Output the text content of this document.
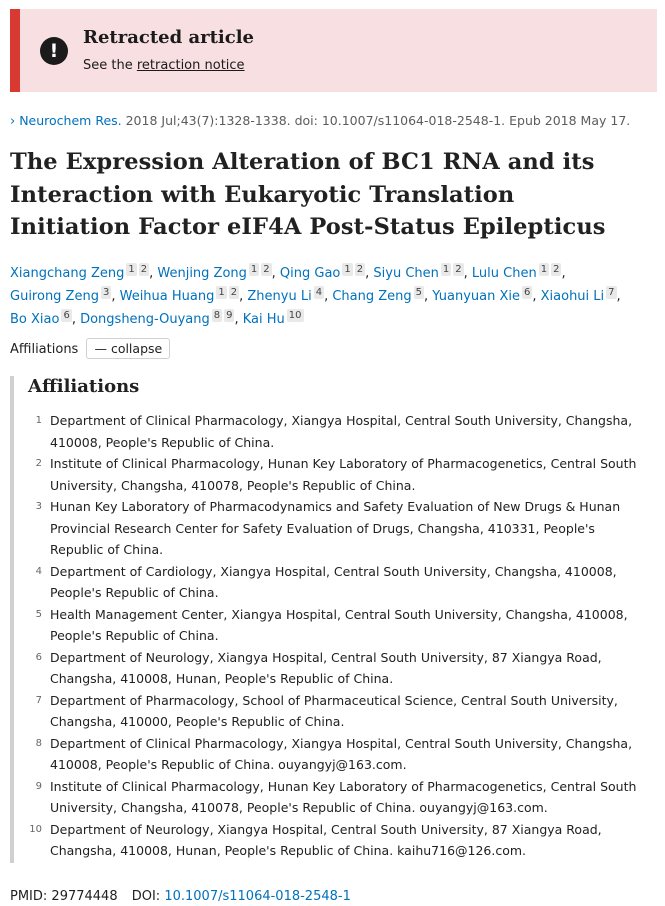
!
Retracted article
See the retraction notice
› Neurochem Res. 2018 Jul;43(7):1328-1338. doi: 10.1007/s11064-018-2548-1. Epub 2018 May 17.
The Expression Alteration of BC1 RNA and its Interaction with Eukaryotic Translation Initiation Factor eIF4A Post-Status Epilepticus
Xiangchang Zeng 1 2 , Wenjing Zong 1 2 , Qing Gao 1 2 , Siyu Chen 1 2 , Lulu Chen 1 2 , Guirong Zeng 3 , Weihua Huang 1 2 , Zhenyu Li 4 , Chang Zeng 5 , Yuanyuan Xie 6 , Xiaohui Li 7 , Bo Xiao 6 , Dongsheng-Ouyang 8 9 , Kai Hu 10
Affiliations — collapse
Affiliations
1 Department of Clinical Pharmacology, Xiangya Hospital, Central South University, Changsha, 410008, People's Republic of China.
2 Institute of Clinical Pharmacology, Hunan Key Laboratory of Pharmacogenetics, Central South University, Changsha, 410078, People's Republic of China.
3 Hunan Key Laboratory of Pharmacodynamics and Safety Evaluation of New Drugs & Hunan Provincial Research Center for Safety Evaluation of Drugs, Changsha, 410331, People's Republic of China.
4 Department of Cardiology, Xiangya Hospital, Central South University, Changsha, 410008, People's Republic of China.
5 Health Management Center, Xiangya Hospital, Central South University, Changsha, 410008, People's Republic of China.
6 Department of Neurology, Xiangya Hospital, Central South University, 87 Xiangya Road, Changsha, 410008, Hunan, People's Republic of China.
7 Department of Pharmacology, School of Pharmaceutical Science, Central South University, Changsha, 410000, People's Republic of China.
8 Department of Clinical Pharmacology, Xiangya Hospital, Central South University, Changsha, 410008, People's Republic of China. ouyangyj@163.com.
9 Institute of Clinical Pharmacology, Hunan Key Laboratory of Pharmacogenetics, Central South University, Changsha, 410078, People's Republic of China. ouyangyj@163.com.
10 Department of Neurology, Xiangya Hospital, Central South University, 87 Xiangya Road, Changsha, 410008, Hunan, People's Republic of China. kaihu716@126.com.
PMID: 29774448 DOI: 10.1007/s11064-018-2548-1
